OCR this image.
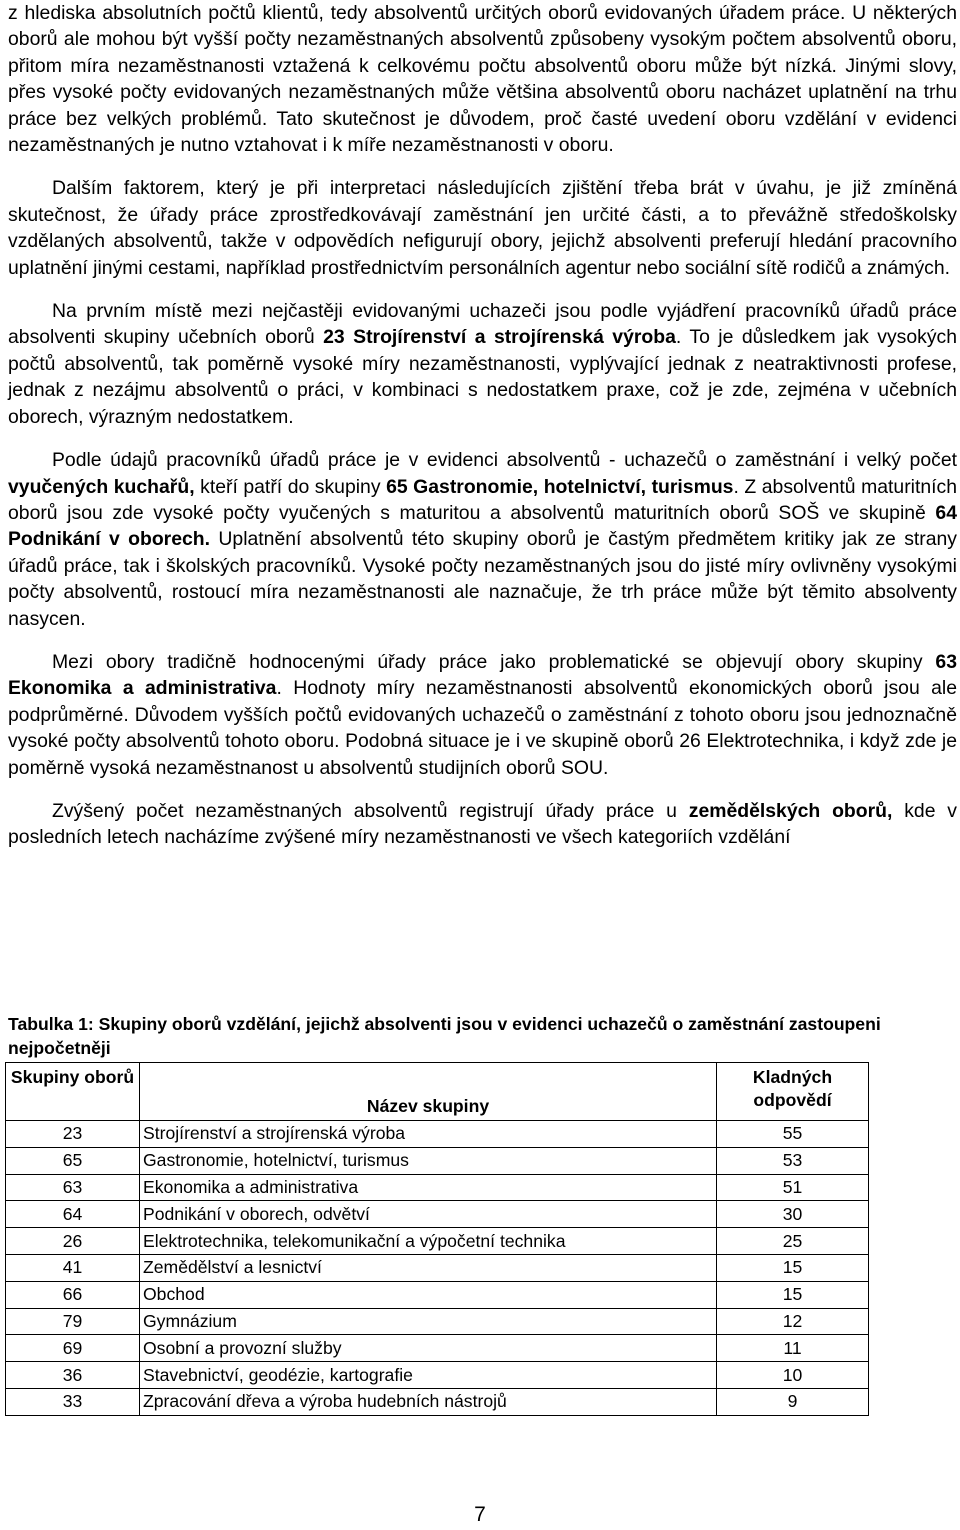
z hlediska absolutních počtů klientů, tedy absolventů určitých oborů evidovaných úřadem práce. U některých oborů ale mohou být vyšší počty nezaměstnaných absolventů způsobeny vysokým počtem absolventů oboru, přitom míra nezaměstnanosti vztažená k celkovému počtu absolventů oboru může být nízká. Jinými slovy, přes vysoké počty evidovaných nezaměstnaných může většina absolventů oboru nacházet uplatnění na trhu práce bez velkých problémů. Tato skutečnost je důvodem, proč časté uvedení oboru vzdělání v evidenci nezaměstnaných je nutno vztahovat i k míře nezaměstnanosti v oboru.

Dalším faktorem, který je při interpretaci následujících zjištění třeba brát v úvahu, je již zmíněná skutečnost, že úřady práce zprostředkovávají zaměstnání jen určité části, a to převážně středoškolsky vzdělaných absolventů, takže v odpovědích nefigurují obory, jejichž absolventi preferují hledání pracovního uplatnění jinými cestami, například prostřednictvím personálních agentur nebo sociální sítě rodičů a známých.

Na prvním místě mezi nejčastěji evidovanými uchazeči jsou podle vyjádření pracovníků úřadů práce absolventi skupiny učebních oborů 23 Strojírenství a strojírenská výroba. To je důsledkem jak vysokých počtů absolventů, tak poměrně vysoké míry nezaměstnanosti, vyplývající jednak z neatraktivnosti profese, jednak z nezájmu absolventů o práci, v kombinaci s nedostatkem praxe, což je zde, zejména v učebních oborech, výrazným nedostatkem.

Podle údajů pracovníků úřadů práce je v evidenci absolventů - uchazečů o zaměstnání i velký počet vyučených kuchařů, kteří patří do skupiny 65 Gastronomie, hotelnictví, turismus. Z absolventů maturitních oborů jsou zde vysoké počty vyučených s maturitou a absolventů maturitních oborů SOŠ ve skupině 64 Podnikání v oborech. Uplatnění absolventů této skupiny oborů je častým předmětem kritiky jak ze strany úřadů práce, tak i školských pracovníků. Vysoké počty nezaměstnaných jsou do jisté míry ovlivněny vysokými počty absolventů, rostoucí míra nezaměstnanosti ale naznačuje, že trh práce může být těmito absolventy nasycen.

Mezi obory tradičně hodnocenými úřady práce jako problematické se objevují obory skupiny 63 Ekonomika a administrativa. Hodnoty míry nezaměstnanosti absolventů ekonomických oborů jsou ale podprůměrné. Důvodem vyšších počtů evidovaných uchazečů o zaměstnání z tohoto oboru jsou jednoznačně vysoké počty absolventů tohoto oboru. Podobná situace je i ve skupině oborů 26 Elektrotechnika, i když zde je poměrně vysoká nezaměstnanost u absolventů studijních oborů SOU.

Zvýšený počet nezaměstnaných absolventů registrují úřady práce u zemědělských oborů, kde v posledních letech nacházíme zvýšené míry nezaměstnanosti ve všech kategoriích vzdělání

Tabulka 1: Skupiny oborů vzdělání, jejichž absolventi jsou v evidenci uchazečů o zaměstnání zastoupeni nejpočetněji
Skupiny oborů	Název skupiny	Kladných odpovědí
23	Strojírenství a strojírenská výroba	55
65	Gastronomie, hotelnictví, turismus	53
63	Ekonomika a administrativa	51
64	Podnikání v oborech, odvětví	30
26	Elektrotechnika, telekomunikační a výpočetní technika	25
41	Zemědělství a lesnictví	15
66	Obchod	15
79	Gymnázium	12
69	Osobní a provozní služby	11
36	Stavebnictví, geodézie, kartografie	10
33	Zpracování dřeva a výroba hudebních nástrojů	9
7
